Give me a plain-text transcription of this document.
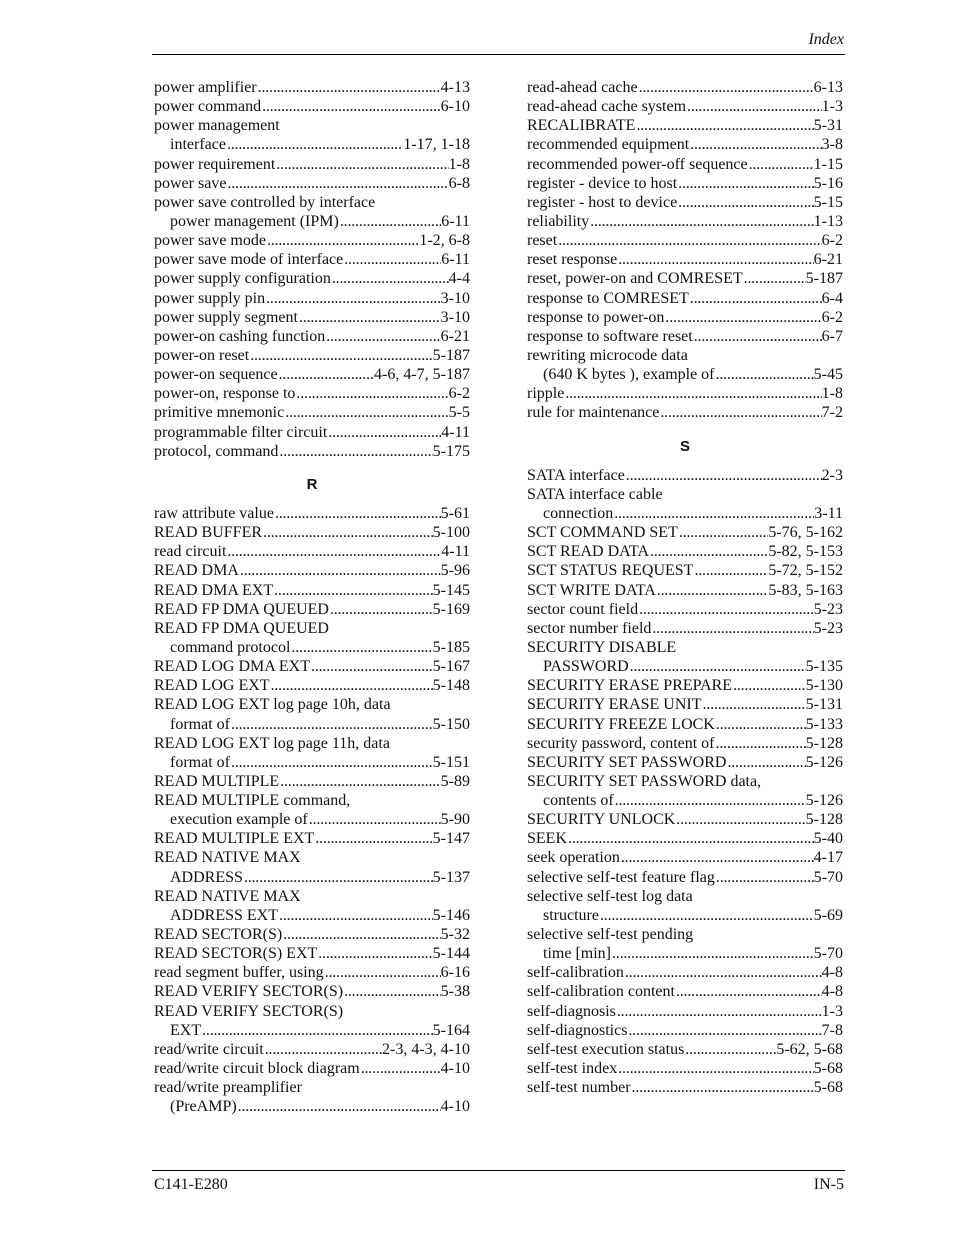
Index
power amplifier . . .	4-13
power command . . .	6-10
power management
interface . . .	1-17, 1-18
power requirement . . .	1-8
power save . . .	6-8
power save controlled by interface
power management (IPM) . . .	6-11
power save mode . . .	1-2, 6-8
power save mode of interface . . .	6-11
power supply configuration . . .	4-4
power supply pin . . .	3-10
power supply segment . . .	3-10
power-on cashing function . . .	6-21
power-on reset . . .	5-187
power-on sequence . . .	4-6, 4-7, 5-187
power-on, response to . . .	6-2
primitive mnemonic . . .	5-5
programmable filter circuit . . .	4-11
protocol, command . . .	5-175
R
raw attribute value . . .	5-61
READ BUFFER . . .	5-100
read circuit . . .	4-11
READ DMA . . .	5-96
READ DMA EXT . . .	5-145
READ FP DMA QUEUED . . .	5-169
READ FP DMA QUEUED
command protocol . . .	5-185
READ LOG DMA EXT . . .	5-167
READ LOG EXT . . .	5-148
READ LOG EXT log page 10h, data
format of . . .	5-150
READ LOG EXT log page 11h, data
format of . . .	5-151
READ MULTIPLE . . .	5-89
READ MULTIPLE command,
execution example of . . .	5-90
READ MULTIPLE EXT . . .	5-147
READ NATIVE MAX
ADDRESS . . .	5-137
READ NATIVE MAX
ADDRESS EXT . . .	5-146
READ SECTOR(S) . . .	5-32
READ SECTOR(S) EXT . . .	5-144
read segment buffer, using . . .	6-16
READ VERIFY SECTOR(S) . . .	5-38
READ VERIFY SECTOR(S)
EXT . . .	5-164
read/write circuit . . .	2-3, 4-3, 4-10
read/write circuit block diagram . . .	4-10
read/write preamplifier
(PreAMP) . . .	4-10
read-ahead cache . . .	6-13
read-ahead cache system . . .	1-3
RECALIBRATE . . .	5-31
recommended equipment . . .	3-8
recommended power-off sequence . . .	1-15
register - device to host . . .	5-16
register - host to device . . .	5-15
reliability . . .	1-13
reset . . .	6-2
reset response . . .	6-21
reset, power-on and COMRESET . . .	5-187
response to COMRESET . . .	6-4
response to power-on . . .	6-2
response to software reset . . .	6-7
rewriting microcode data
(640 K bytes ), example of . . .	5-45
ripple . . .	1-8
rule for maintenance . . .	7-2
S
SATA interface . . .	2-3
SATA interface cable
connection . . .	3-11
SCT COMMAND SET . . .	5-76, 5-162
SCT READ DATA . . .	5-82, 5-153
SCT STATUS REQUEST . . .	5-72, 5-152
SCT WRITE DATA . . .	5-83, 5-163
sector count field . . .	5-23
sector number field . . .	5-23
SECURITY DISABLE
PASSWORD . . .	5-135
SECURITY ERASE PREPARE . . .	5-130
SECURITY ERASE UNIT . . .	5-131
SECURITY FREEZE LOCK . . .	5-133
security password, content of . . .	5-128
SECURITY SET PASSWORD . . .	5-126
SECURITY SET PASSWORD data,
contents of . . .	5-126
SECURITY UNLOCK . . .	5-128
SEEK . . .	5-40
seek operation . . .	4-17
selective self-test feature flag . . .	5-70
selective self-test log data
structure . . .	5-69
selective self-test pending
time [min] . . .	5-70
self-calibration . . .	4-8
self-calibration content . . .	4-8
self-diagnosis . . .	1-3
self-diagnostics . . .	7-8
self-test execution status . . .	5-62, 5-68
self-test index . . .	5-68
self-test number . . .	5-68
C141-E280	IN-5
